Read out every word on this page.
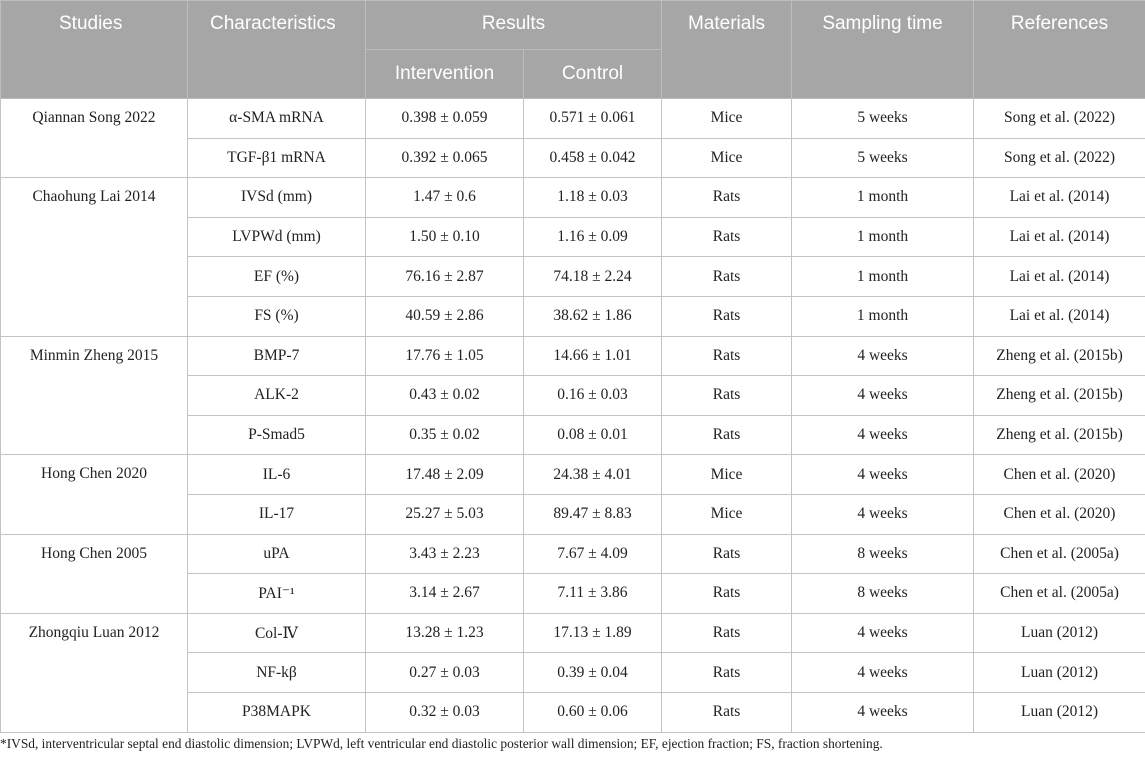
Studies	Characteristics	Results		Materials	Sampling time	References
		Intervention	Control			
Qiannan Song 2022	α-SMA mRNA	0.398 ± 0.059	0.571 ± 0.061	Mice	5 weeks	Song et al. (2022)
	TGF-β1 mRNA	0.392 ± 0.065	0.458 ± 0.042	Mice	5 weeks	Song et al. (2022)
Chaohung Lai 2014	IVSd (mm)	1.47 ± 0.6	1.18 ± 0.03	Rats	1 month	Lai et al. (2014)
	LVPWd (mm)	1.50 ± 0.10	1.16 ± 0.09	Rats	1 month	Lai et al. (2014)
	EF (%)	76.16 ± 2.87	74.18 ± 2.24	Rats	1 month	Lai et al. (2014)
	FS (%)	40.59 ± 2.86	38.62 ± 1.86	Rats	1 month	Lai et al. (2014)
Minmin Zheng 2015	BMP-7	17.76 ± 1.05	14.66 ± 1.01	Rats	4 weeks	Zheng et al. (2015b)
	ALK-2	0.43 ± 0.02	0.16 ± 0.03	Rats	4 weeks	Zheng et al. (2015b)
	P-Smad5	0.35 ± 0.02	0.08 ± 0.01	Rats	4 weeks	Zheng et al. (2015b)
Hong Chen 2020	IL-6	17.48 ± 2.09	24.38 ± 4.01	Mice	4 weeks	Chen et al. (2020)
	IL-17	25.27 ± 5.03	89.47 ± 8.83	Mice	4 weeks	Chen et al. (2020)
Hong Chen 2005	uPA	3.43 ± 2.23	7.67 ± 4.09	Rats	8 weeks	Chen et al. (2005a)
	PAI⁻¹	3.14 ± 2.67	7.11 ± 3.86	Rats	8 weeks	Chen et al. (2005a)
Zhongqiu Luan 2012	Col-Ⅳ	13.28 ± 1.23	17.13 ± 1.89	Rats	4 weeks	Luan (2012)
	NF-kβ	0.27 ± 0.03	0.39 ± 0.04	Rats	4 weeks	Luan (2012)
	P38MAPK	0.32 ± 0.03	0.60 ± 0.06	Rats	4 weeks	Luan (2012)
*IVSd, interventricular septal end diastolic dimension; LVPWd, left ventricular end diastolic posterior wall dimension; EF, ejection fraction; FS, fraction shortening.
